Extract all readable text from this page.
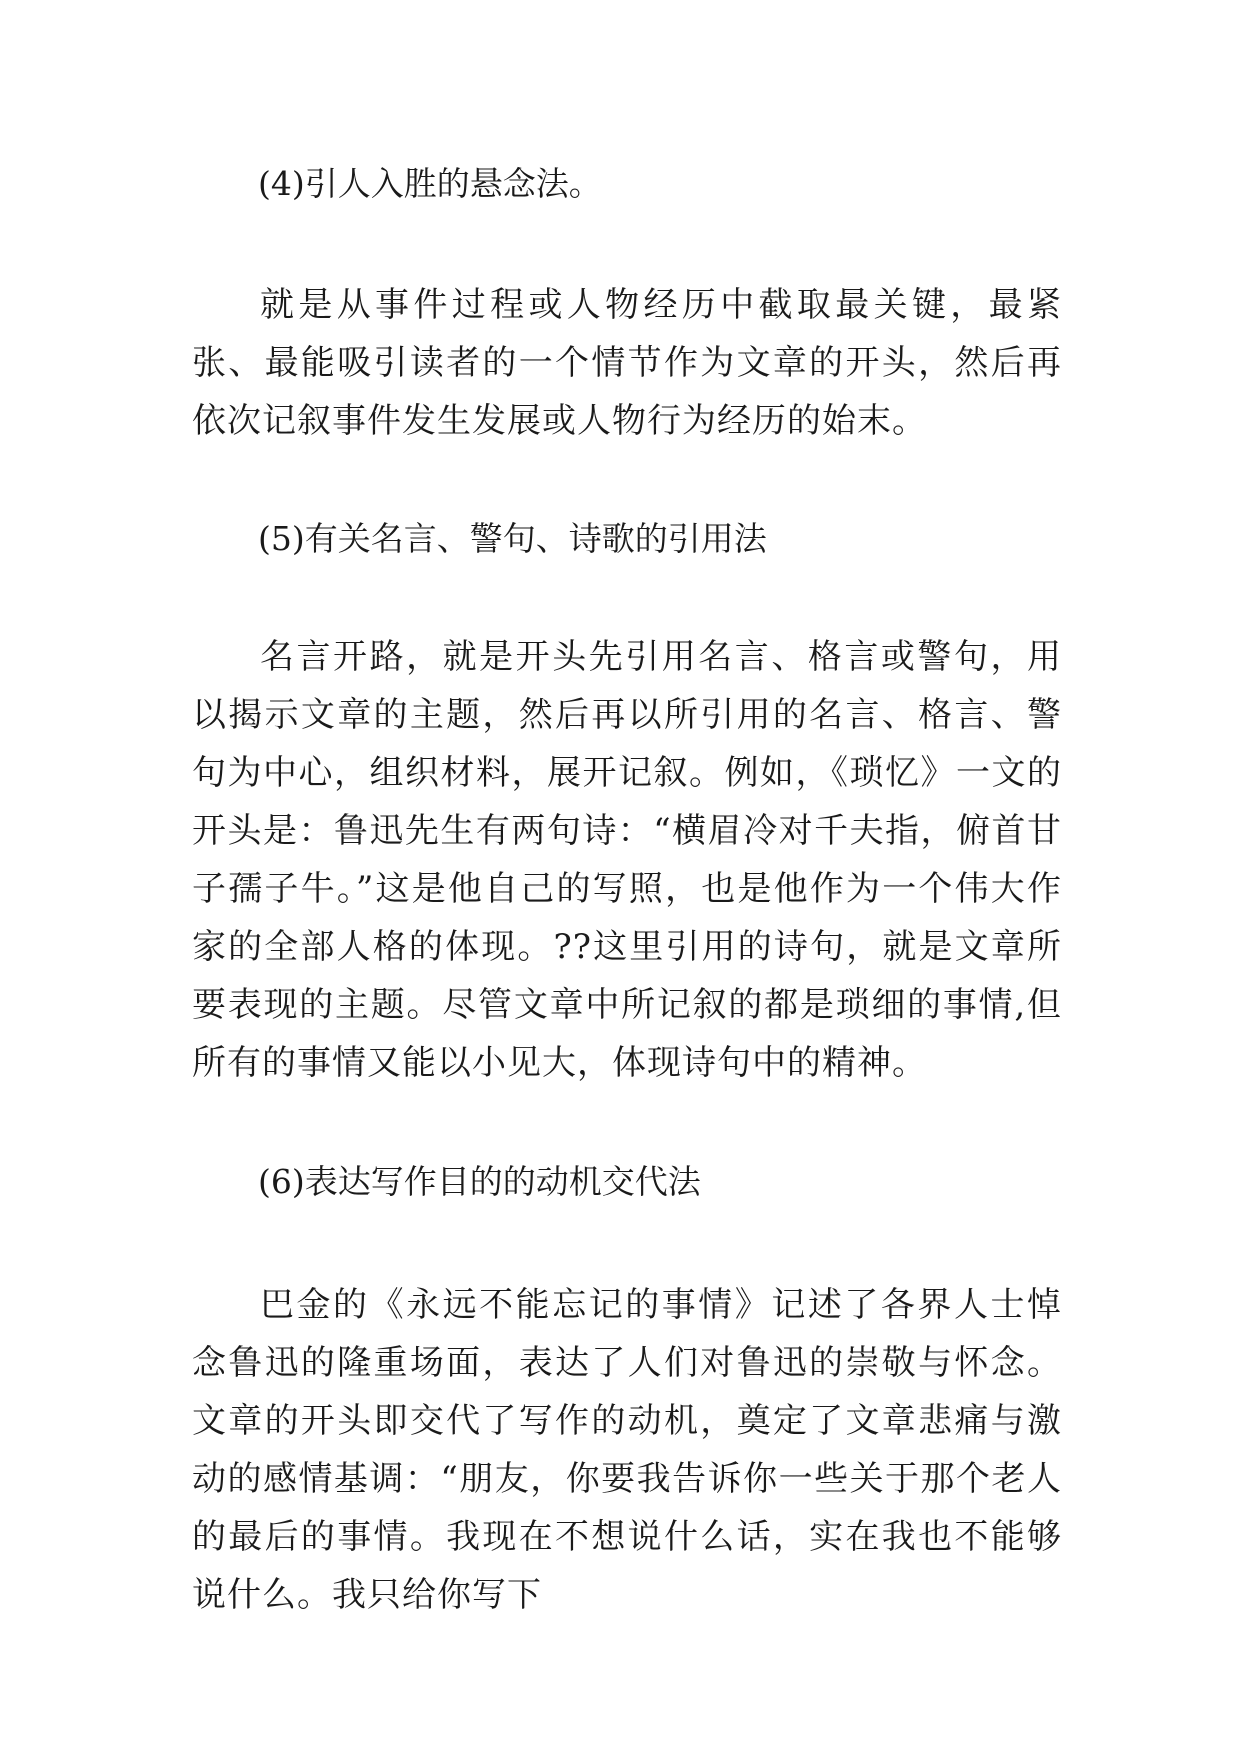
(4)引人入胜的悬念法。
就是从事件过程或人物经历中截取最关键，最紧张、最能吸引读者的一个情节作为文章的开头，然后再依次记叙事件发生发展或人物行为经历的始末。
(5)有关名言、警句、诗歌的引用法
名言开路，就是开头先引用名言、格言或警句，用以揭示文章的主题，然后再以所引用的名言、格言、警句为中心，组织材料，展开记叙。例如，《琐忆》一文的开头是：鲁迅先生有两句诗：“横眉冷对千夫指，俯首甘子孺子牛。”这是他自己的写照，也是他作为一个伟大作家的全部人格的体现。??这里引用的诗句，就是文章所要表现的主题。尽管文章中所记叙的都是琐细的事情,但所有的事情又能以小见大，体现诗句中的精神。
(6)表达写作目的的动机交代法
巴金的《永远不能忘记的事情》记述了各界人士悼念鲁迅的隆重场面，表达了人们对鲁迅的崇敬与怀念。文章的开头即交代了写作的动机，奠定了文章悲痛与激动的感情基调：“朋友，你要我告诉你一些关于那个老人的最后的事情。我现在不想说什么话，实在我也不能够说什么。我只给你写下
